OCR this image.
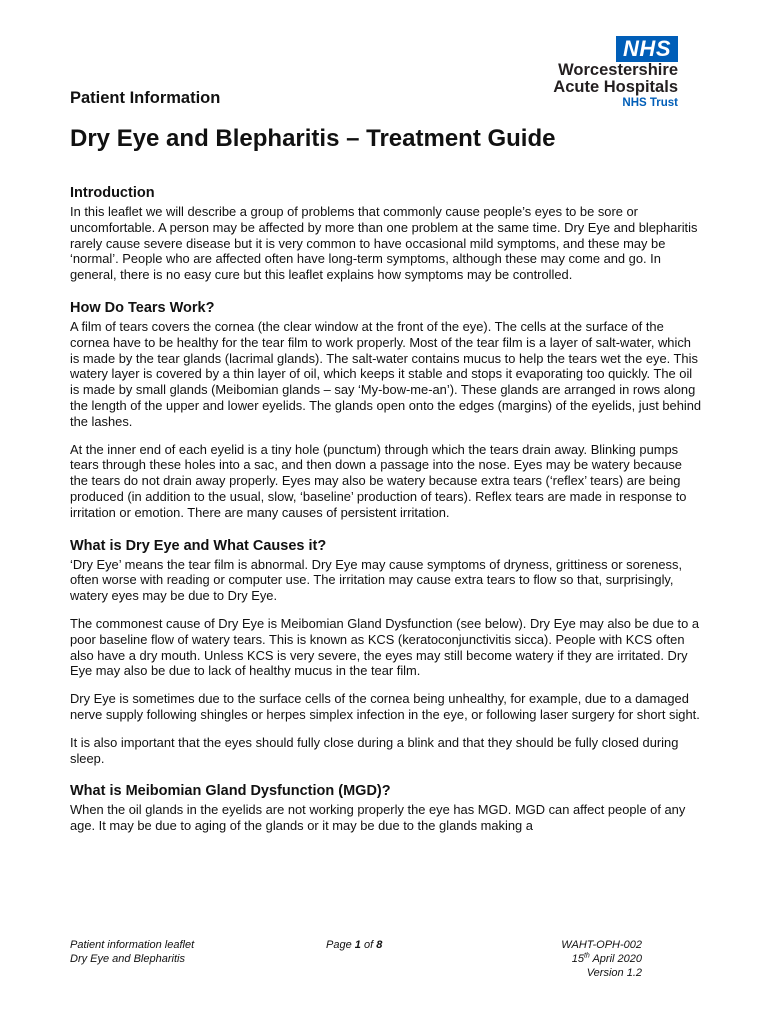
NHS
Worcestershire
Acute Hospitals
NHS Trust
Patient Information
Dry Eye and Blepharitis – Treatment Guide
Introduction

In this leaflet we will describe a group of problems that commonly cause people’s eyes to be sore or uncomfortable. A person may be affected by more than one problem at the same time. Dry Eye and blepharitis rarely cause severe disease but it is very common to have occasional mild symptoms, and these may be ‘normal’. People who are affected often have long-term symptoms, although these may come and go. In general, there is no easy cure but this leaflet explains how symptoms may be controlled.

How Do Tears Work?

A film of tears covers the cornea (the clear window at the front of the eye). The cells at the surface of the cornea have to be healthy for the tear film to work properly. Most of the tear film is a layer of salt-water, which is made by the tear glands (lacrimal glands). The salt-water contains mucus to help the tears wet the eye. This watery layer is covered by a thin layer of oil, which keeps it stable and stops it evaporating too quickly. The oil is made by small glands (Meibomian glands – say ‘My-bow-me-an’). These glands are arranged in rows along the length of the upper and lower eyelids. The glands open onto the edges (margins) of the eyelids, just behind the lashes.

At the inner end of each eyelid is a tiny hole (punctum) through which the tears drain away. Blinking pumps tears through these holes into a sac, and then down a passage into the nose. Eyes may be watery because the tears do not drain away properly. Eyes may also be watery because extra tears (‘reflex’ tears) are being produced (in addition to the usual, slow, ‘baseline’ production of tears). Reflex tears are made in response to irritation or emotion. There are many causes of persistent irritation.

What is Dry Eye and What Causes it?

‘Dry Eye’ means the tear film is abnormal. Dry Eye may cause symptoms of dryness, grittiness or soreness, often worse with reading or computer use. The irritation may cause extra tears to flow so that, surprisingly, watery eyes may be due to Dry Eye.

The commonest cause of Dry Eye is Meibomian Gland Dysfunction (see below). Dry Eye may also be due to a poor baseline flow of watery tears. This is known as KCS (keratoconjunctivitis sicca). People with KCS often also have a dry mouth. Unless KCS is very severe, the eyes may still become watery if they are irritated. Dry Eye may also be due to lack of healthy mucus in the tear film.

Dry Eye is sometimes due to the surface cells of the cornea being unhealthy, for example, due to a damaged nerve supply following shingles or herpes simplex infection in the eye, or following laser surgery for short sight.

It is also important that the eyes should fully close during a blink and that they should be fully closed during sleep.

What is Meibomian Gland Dysfunction (MGD)?

When the oil glands in the eyelids are not working properly the eye has MGD. MGD can affect people of any age. It may be due to aging of the glands or it may be due to the glands making a

Patient information leaflet
Dry Eye and Blepharitis
Page 1 of 8	WAHT-OPH-002
15th April 2020
Version 1.2
